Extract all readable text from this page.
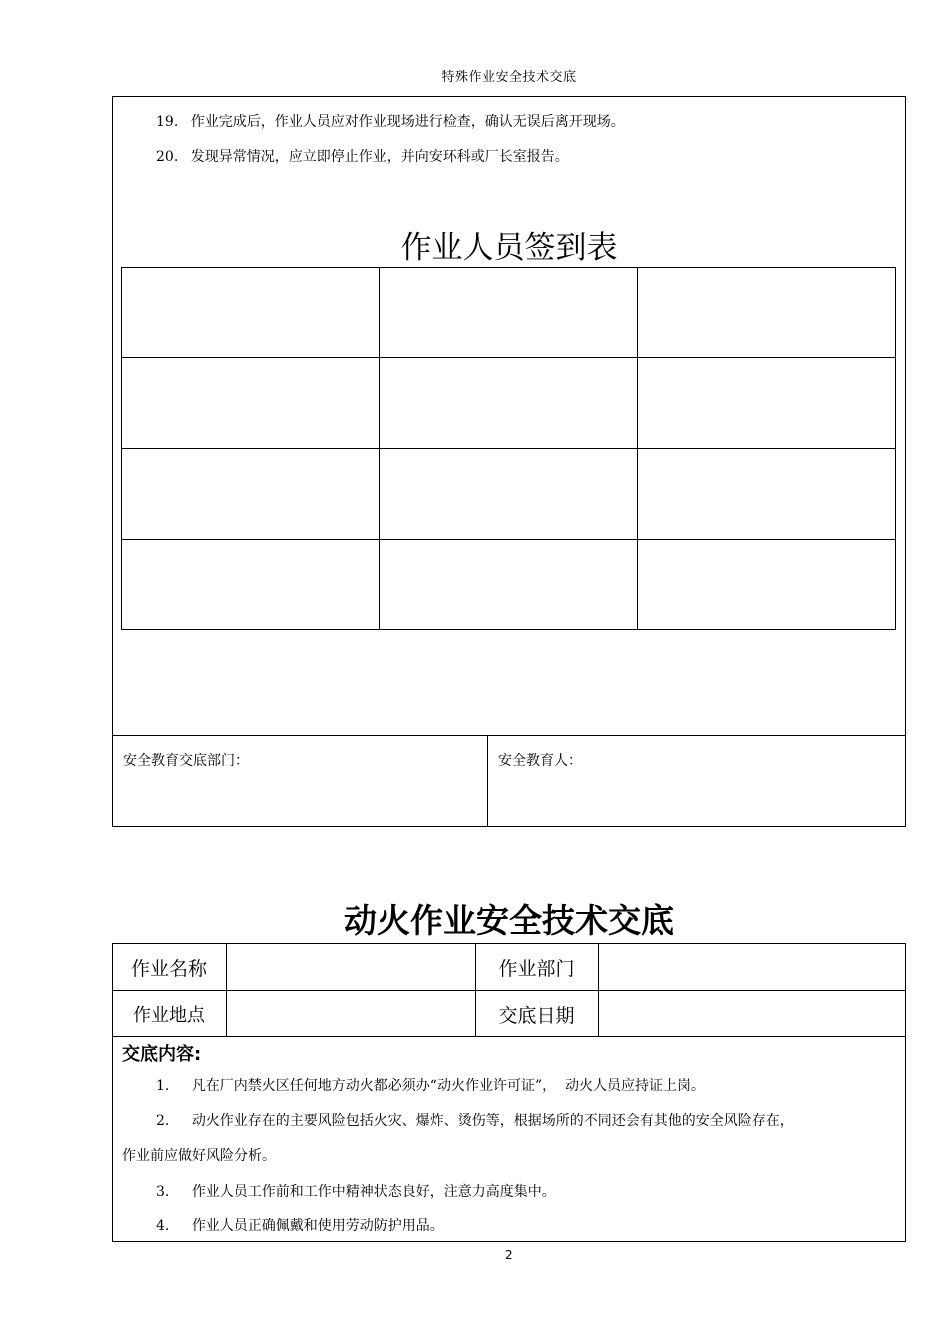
特殊作业安全技术交底
19. 作业完成后，作业人员应对作业现场进行检查，确认无误后离开现场。
20. 发现异常情况，应立即停止作业，并向安环科或厂长室报告。
作业人员签到表
安全教育交底部门：	安全教育人：
动火作业安全技术交底
作业名称	作业部门
作业地点	交底日期
交底内容:
1. 凡在厂内禁火区任何地方动火都必须办“动火作业许可证”，  动火人员应持证上岗。
2. 动火作业存在的主要风险包括火灾、爆炸、烫伤等，根据场所的不同还会有其他的安全风险存在，
作业前应做好风险分析。
3. 作业人员工作前和工作中精神状态良好，注意力高度集中。
4. 作业人员正确佩戴和使用劳动防护用品。
2
